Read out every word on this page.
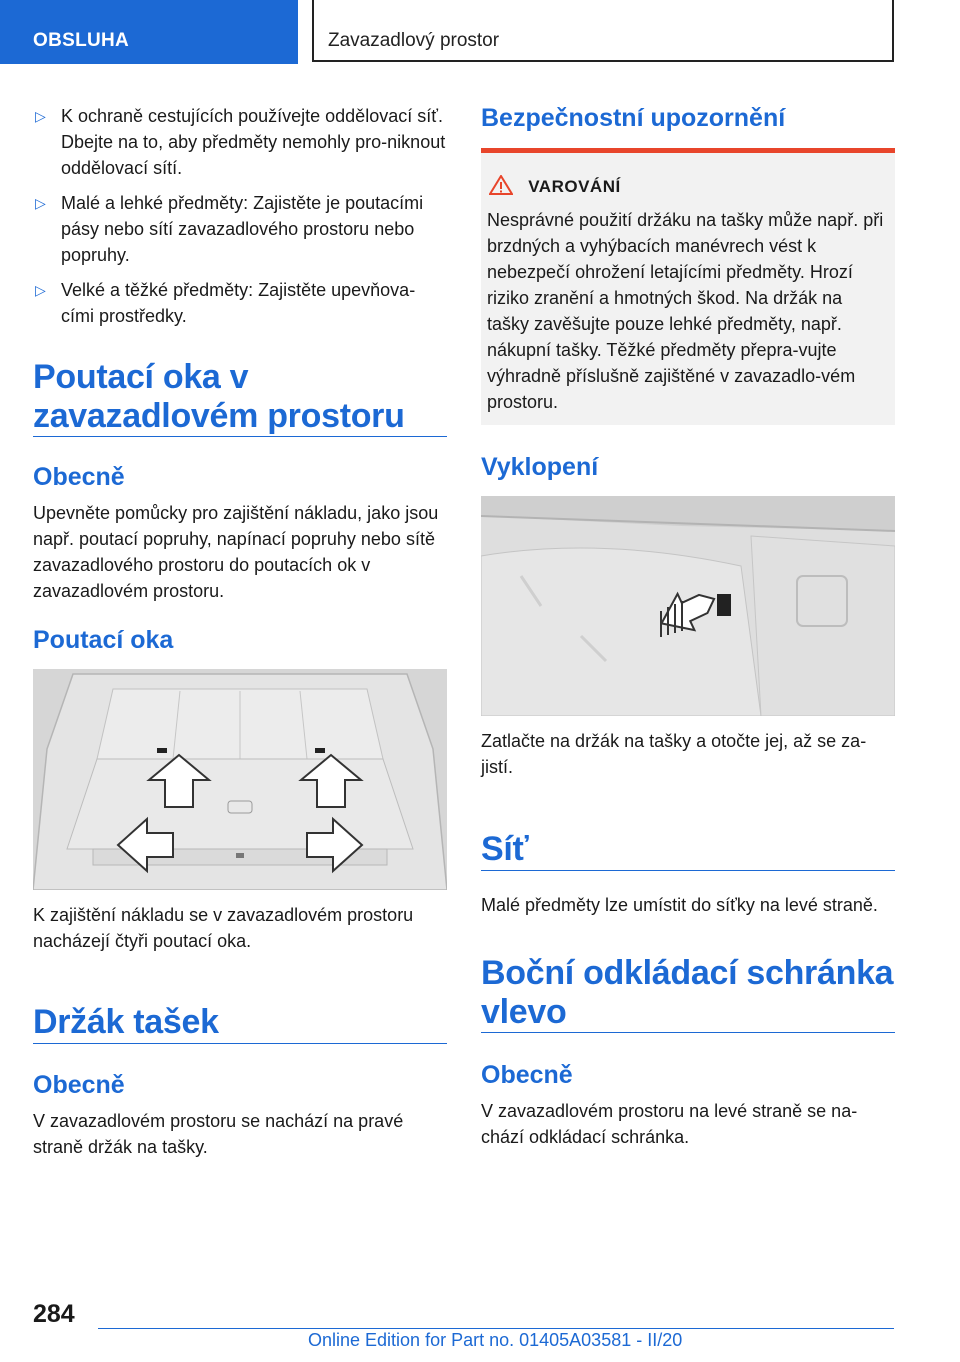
OBSLUHA	Zavazadlový prostor
▷ K ochraně cestujících používejte oddělovací síť. Dbejte na to, aby předměty nemohly pro-niknout oddělovací sítí.
▷ Malé a lehké předměty: Zajistěte je poutacími pásy nebo sítí zavazadlového prostoru nebo popruhy.
▷ Velké a těžké předměty: Zajistěte upevňova-cími prostředky.
Poutací oka v zavazadlovém prostoru
Obecně
Upevněte pomůcky pro zajištění nákladu, jako jsou např. poutací popruhy, napínací popruhy nebo sítě zavazadlového prostoru do poutacích ok v zavazadlovém prostoru.
Poutací oka
K zajištění nákladu se v zavazadlovém prostoru nacházejí čtyři poutací oka.
Držák tašek
Obecně
V zavazadlovém prostoru se nachází na pravé straně držák na tašky.
Bezpečnostní upozornění
VAROVÁNÍ
Nesprávné použití držáku na tašky může např. při brzdných a vyhýbacích manévrech vést k nebezpečí ohrožení letajícími předměty. Hrozí riziko zranění a hmotných škod. Na držák na tašky zavěšujte pouze lehké předměty, např. nákupní tašky. Těžké předměty přepra-vujte výhradně příslušně zajištěné v zavazadlo-vém prostoru.
Vyklopení
Zatlačte na držák na tašky a otočte jej, až se za-jistí.
Síť
Malé předměty lze umístit do síťky na levé straně.
Boční odkládací schránka vlevo
Obecně
V zavazadlovém prostoru na levé straně se na-chází odkládací schránka.
284
Online Edition for Part no. 01405A03581 - II/20
